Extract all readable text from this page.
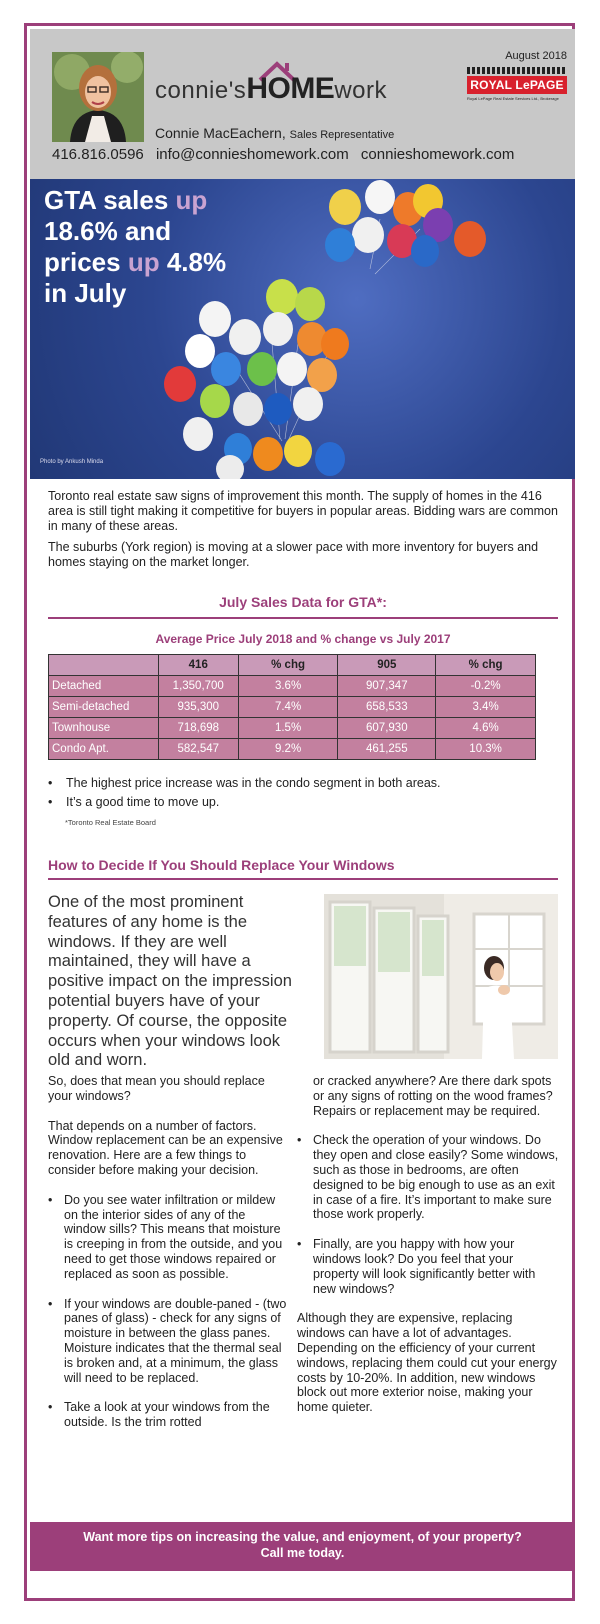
August 2018
connie'sHOMEwork	ROYAL LePAGE
Royal LePage Real Estate Services Ltd., Brokerage
Connie MacEachern, Sales Representative
416.816.0596 info@connieshomework.com connieshomework.com
GTA sales up
18.6% and
prices up 4.8%
in July
Photo by Ankush Minda

Toronto real estate saw signs of improvement this month. The supply of homes in the 416 area is still tight making it competitive for buyers in popular areas. Bidding wars are common in many of these areas.

The suburbs (York region) is moving at a slower pace with more inventory for buyers and homes staying on the market longer.

July Sales Data for GTA*:
Average Price July 2018 and % change vs July 2017
	416	% chg	905	% chg
Detached	1,350,700	3.6%	907,347	-0.2%
Semi-detached	935,300	7.4%	658,533	3.4%
Townhouse	718,698	1.5%	607,930	4.6%
Condo Apt.	582,547	9.2%	461,255	10.3%
• The highest price increase was in the condo segment in both areas.
• It’s a good time to move up.
*Toronto Real Estate Board
How to Decide If You Should Replace Your Windows
One of the most prominent features of any home is the windows. If they are well maintained, they will have a positive impact on the impression potential buyers have of your property. Of course, the opposite occurs when your windows look old and worn.

So, does that mean you should replace your windows?

That depends on a number of factors. Window replacement can be an expensive renovation. Here are a few things to consider before making your decision.

• Do you see water infiltration or mildew on the interior sides of any of the window sills? This means that moisture is creeping in from the outside, and you need to get those windows repaired or replaced as soon as possible.
• If your windows are double-paned - (two panes of glass) - check for any signs of moisture in between the glass panes. Moisture indicates that the thermal seal is broken and, at a minimum, the glass will need to be replaced.
• Take a look at your windows from the outside. Is the trim rotted
or cracked anywhere? Are there dark spots or any signs of rotting on the wood frames? Repairs or replacement may be required.
• Check the operation of your windows. Do they open and close easily? Some windows, such as those in bedrooms, are often designed to be big enough to use as an exit in case of a fire. It’s important to make sure those work properly.
• Finally, are you happy with how your windows look? Do you feel that your property will look significantly better with new windows?

Although they are expensive, replacing windows can have a lot of advantages. Depending on the efficiency of your current windows, replacing them could cut your energy costs by 10-20%. In addition, new windows block out more exterior noise, making your home quieter.

Want more tips on increasing the value, and enjoyment, of your property?
Call me today.
